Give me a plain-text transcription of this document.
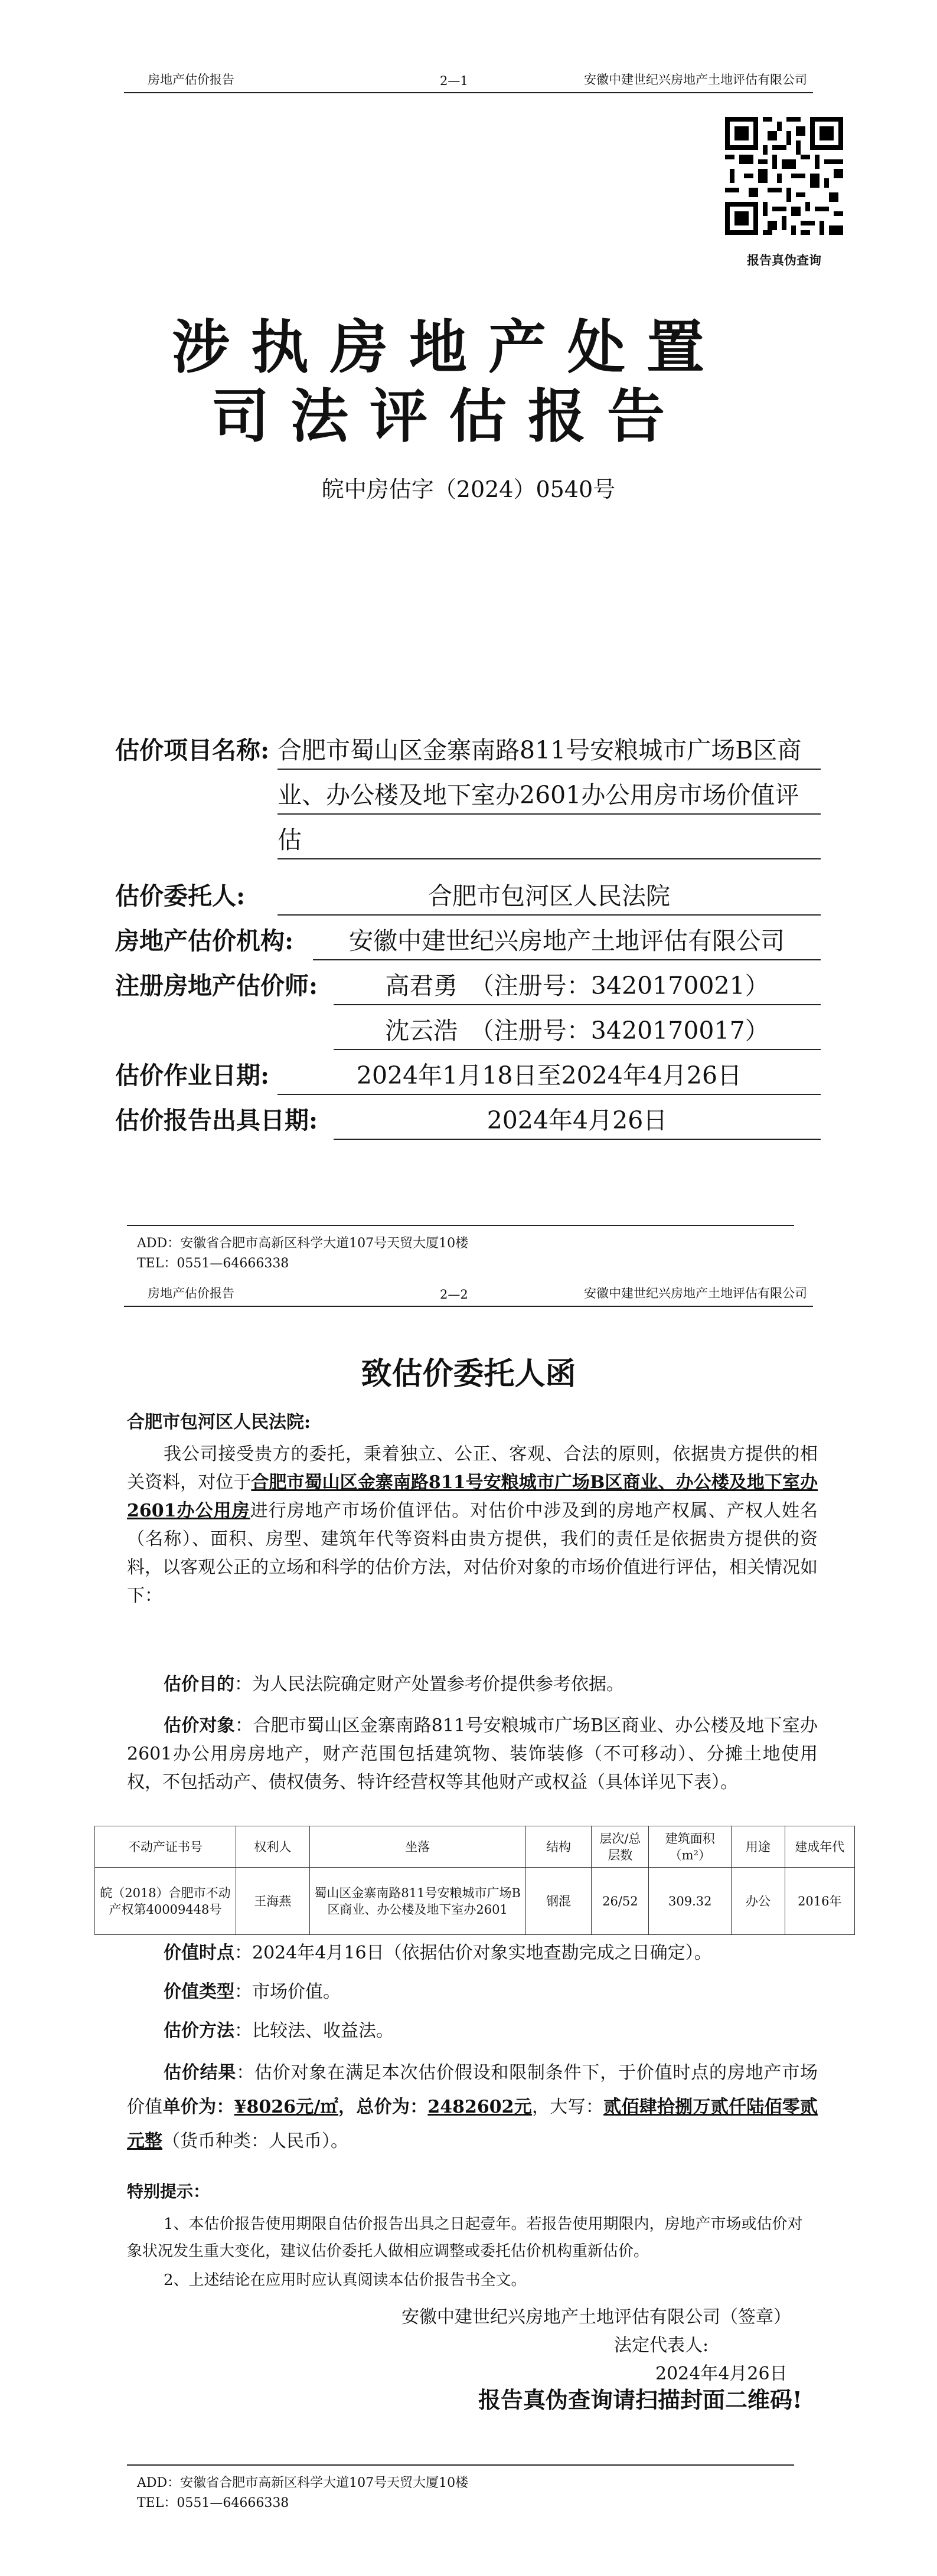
房地产估价报告	2—1	安徽中建世纪兴房地产土地评估有限公司
报告真伪查询
涉执房地产处置
司法评估报告
皖中房估字（2024）0540号
估价项目名称: 合肥市蜀山区金寨南路811号安粮城市广场B区商
业、办公楼及地下室办2601办公用房市场价值评
估
估价委托人:	合肥市包河区人民法院
房地产估价机构:	安徽中建世纪兴房地产土地评估有限公司
注册房地产估价师:	高君勇　（注册号：3420170021）
沈云浩　（注册号：3420170017）
估价作业日期:	2024年1月18日至2024年4月26日
估价报告出具日期:	2024年4月26日
ADD：安徽省合肥市高新区科学大道107号天贸大厦10楼
TEL：0551—64666338
房地产估价报告	2—2	安徽中建世纪兴房地产土地评估有限公司
致估价委托人函
合肥市包河区人民法院:

我公司接受贵方的委托，秉着独立、公正、客观、合法的原则，依据贵方提供的相关资料，对位于合肥市蜀山区金寨南路811号安粮城市广场B区商业、办公楼及地下室办2601办公用房进行房地产市场价值评估。对估价中涉及到的房地产权属、产权人姓名（名称）、面积、房型、建筑年代等资料由贵方提供，我们的责任是依据贵方提供的资料，以客观公正的立场和科学的估价方法，对估价对象的市场价值进行评估，相关情况如下：

估价目的：为人民法院确定财产处置参考价提供参考依据。

估价对象：合肥市蜀山区金寨南路811号安粮城市广场B区商业、办公楼及地下室办2601办公用房房地产，财产范围包括建筑物、装饰装修（不可移动）、分摊土地使用权，不包括动产、债权债务、特许经营权等其他财产或权益（具体详见下表）。

不动产证书号	权利人	坐落	结构	层次/总层数	建筑面积（m²）	用途	建成年代
皖（2018）合肥市不动产权第40009448号	王海燕	蜀山区金寨南路811号安粮城市广场B区商业、办公楼及地下室办2601	钢混	26/52	309.32	办公	2016年

价值时点：2024年4月16日（依据估价对象实地查勘完成之日确定）。

价值类型：市场价值。

估价方法：比较法、收益法。

估价结果：估价对象在满足本次估价假设和限制条件下，于价值时点的房地产市场价值单价为：¥8026元/㎡，总价为：2482602元，大写：贰佰肆拾捌万贰仟陆佰零贰元整（货币种类：人民币）。

特别提示：

1、本估价报告使用期限自估价报告出具之日起壹年。若报告使用期限内，房地产市场或估价对象状况发生重大变化，建议估价委托人做相应调整或委托估价机构重新估价。

2、上述结论在应用时应认真阅读本估价报告书全文。

安徽中建世纪兴房地产土地评估有限公司（签章）
法定代表人:
2024年4月26日
报告真伪查询请扫描封面二维码!
ADD：安徽省合肥市高新区科学大道107号天贸大厦10楼
TEL：0551—64666338
